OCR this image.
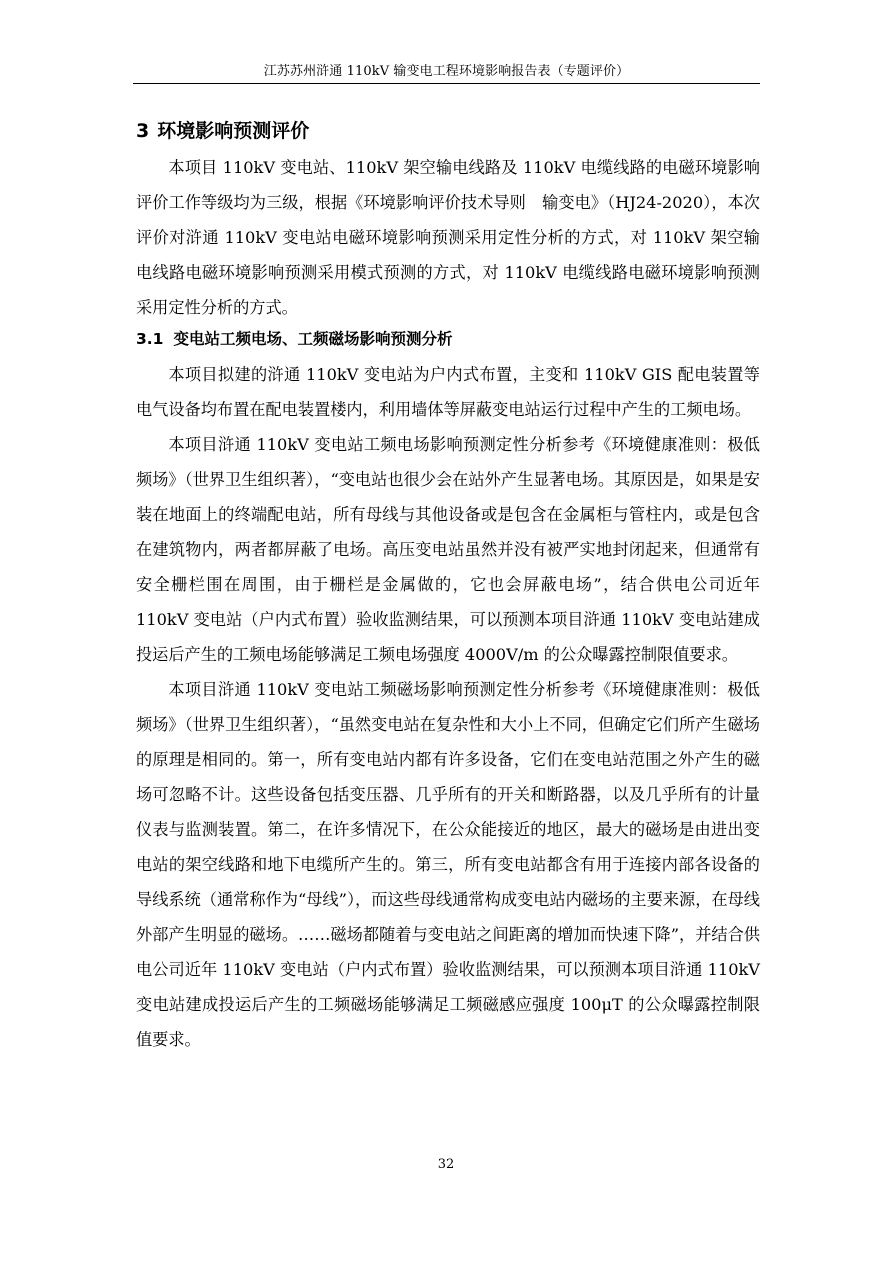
江苏苏州浒通 110kV 输变电工程环境影响报告表（专题评价）
3 环境影响预测评价

本项目 110kV 变电站、110kV 架空输电线路及 110kV 电缆线路的电磁环境影响评价工作等级均为三级，根据《环境影响评价技术导则　输变电》（HJ24-2020），本次评价对浒通 110kV 变电站电磁环境影响预测采用定性分析的方式，对 110kV 架空输电线路电磁环境影响预测采用模式预测的方式，对 110kV 电缆线路电磁环境影响预测采用定性分析的方式。

3.1 变电站工频电场、工频磁场影响预测分析

本项目拟建的浒通 110kV 变电站为户内式布置，主变和 110kV GIS 配电装置等电气设备均布置在配电装置楼内，利用墙体等屏蔽变电站运行过程中产生的工频电场。

本项目浒通 110kV 变电站工频电场影响预测定性分析参考《环境健康准则：极低频场》（世界卫生组织著），“变电站也很少会在站外产生显著电场。其原因是，如果是安装在地面上的终端配电站，所有母线与其他设备或是包含在金属柜与管柱内，或是包含在建筑物内，两者都屏蔽了电场。高压变电站虽然并没有被严实地封闭起来，但通常有安全栅栏围在周围，由于栅栏是金属做的，它也会屏蔽电场”，结合供电公司近年 110kV 变电站（户内式布置）验收监测结果，可以预测本项目浒通 110kV 变电站建成投运后产生的工频电场能够满足工频电场强度 4000V/m 的公众曝露控制限值要求。

本项目浒通 110kV 变电站工频磁场影响预测定性分析参考《环境健康准则：极低频场》（世界卫生组织著），“虽然变电站在复杂性和大小上不同，但确定它们所产生磁场的原理是相同的。第一，所有变电站内都有许多设备，它们在变电站范围之外产生的磁场可忽略不计。这些设备包括变压器、几乎所有的开关和断路器，以及几乎所有的计量仪表与监测装置。第二，在许多情况下，在公众能接近的地区，最大的磁场是由进出变电站的架空线路和地下电缆所产生的。第三，所有变电站都含有用于连接内部各设备的导线系统（通常称作为“母线”），而这些母线通常构成变电站内磁场的主要来源，在母线外部产生明显的磁场。……磁场都随着与变电站之间距离的增加而快速下降”，并结合供电公司近年 110kV 变电站（户内式布置）验收监测结果，可以预测本项目浒通 110kV 变电站建成投运后产生的工频磁场能够满足工频磁感应强度 100μT 的公众曝露控制限值要求。

32
